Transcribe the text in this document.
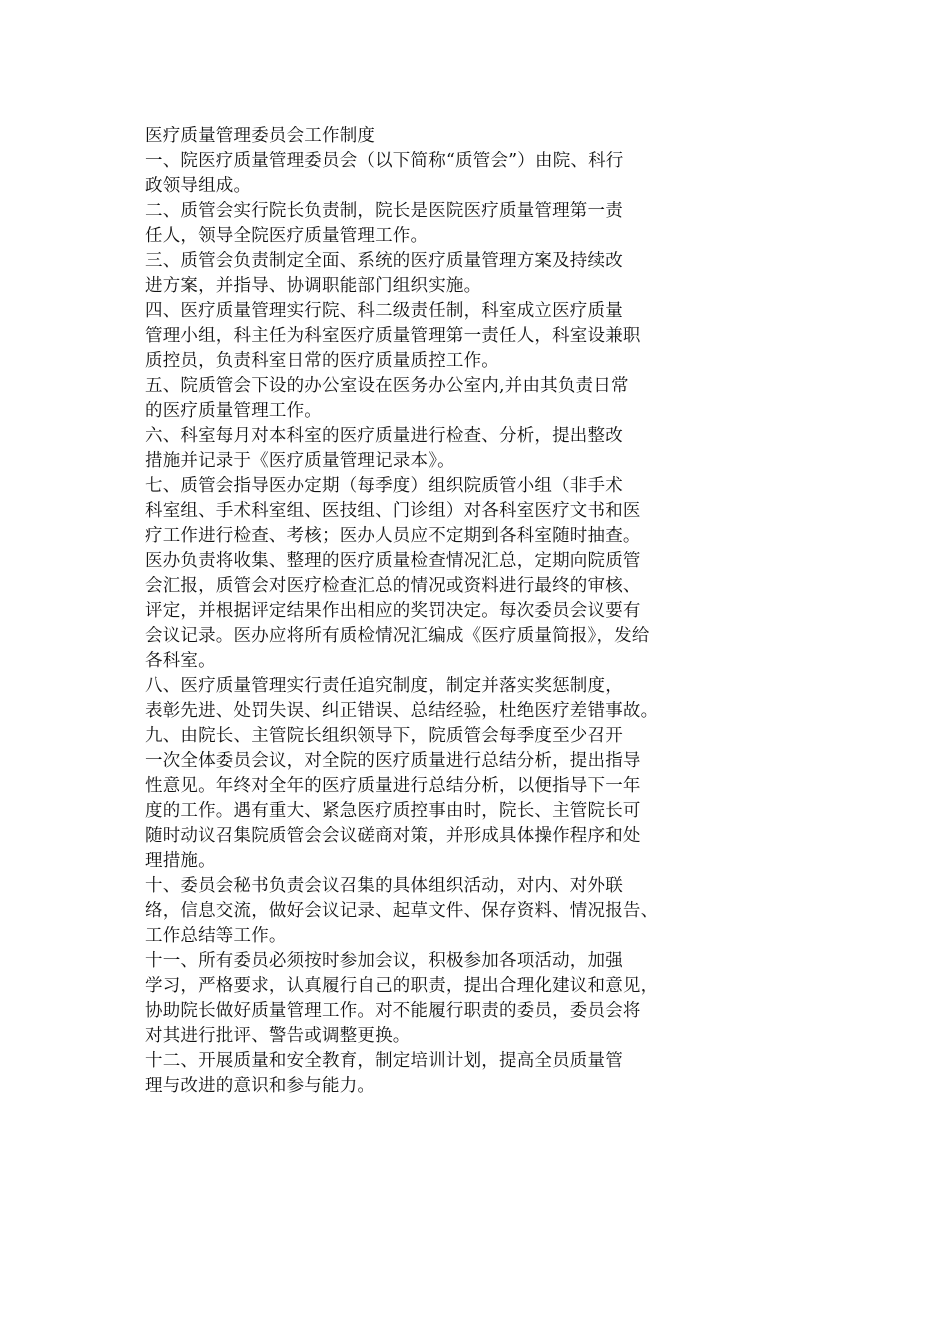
医疗质量管理委员会工作制度
一、院医疗质量管理委员会（以下简称“质管会”）由院、科行
政领导组成。
二、质管会实行院长负责制，院长是医院医疗质量管理第一责
任人，领导全院医疗质量管理工作。
三、质管会负责制定全面、系统的医疗质量管理方案及持续改
进方案，并指导、协调职能部门组织实施。
四、医疗质量管理实行院、科二级责任制，科室成立医疗质量
管理小组，科主任为科室医疗质量管理第一责任人，科室设兼职
质控员，负责科室日常的医疗质量质控工作。
五、院质管会下设的办公室设在医务办公室内,并由其负责日常
的医疗质量管理工作。
六、科室每月对本科室的医疗质量进行检查、分析，提出整改
措施并记录于《医疗质量管理记录本》。
七、质管会指导医办定期（每季度）组织院质管小组（非手术
科室组、手术科室组、医技组、门诊组）对各科室医疗文书和医
疗工作进行检查、考核；医办人员应不定期到各科室随时抽查。
医办负责将收集、整理的医疗质量检查情况汇总，定期向院质管
会汇报，质管会对医疗检查汇总的情况或资料进行最终的审核、
评定，并根据评定结果作出相应的奖罚决定。每次委员会议要有
会议记录。医办应将所有质检情况汇编成《医疗质量简报》，发给
各科室。
八、医疗质量管理实行责任追究制度，制定并落实奖惩制度，
表彰先进、处罚失误、纠正错误、总结经验，杜绝医疗差错事故。
九、由院长、主管院长组织领导下，院质管会每季度至少召开
一次全体委员会议，对全院的医疗质量进行总结分析，提出指导
性意见。年终对全年的医疗质量进行总结分析，以便指导下一年
度的工作。遇有重大、紧急医疗质控事由时，院长、主管院长可
随时动议召集院质管会会议磋商对策，并形成具体操作程序和处
理措施。
十、委员会秘书负责会议召集的具体组织活动，对内、对外联
络，信息交流，做好会议记录、起草文件、保存资料、情况报告、
工作总结等工作。
十一、所有委员必须按时参加会议，积极参加各项活动，加强
学习，严格要求，认真履行自己的职责，提出合理化建议和意见，
协助院长做好质量管理工作。对不能履行职责的委员，委员会将
对其进行批评、警告或调整更换。
十二、开展质量和安全教育，制定培训计划，提高全员质量管
理与改进的意识和参与能力。
